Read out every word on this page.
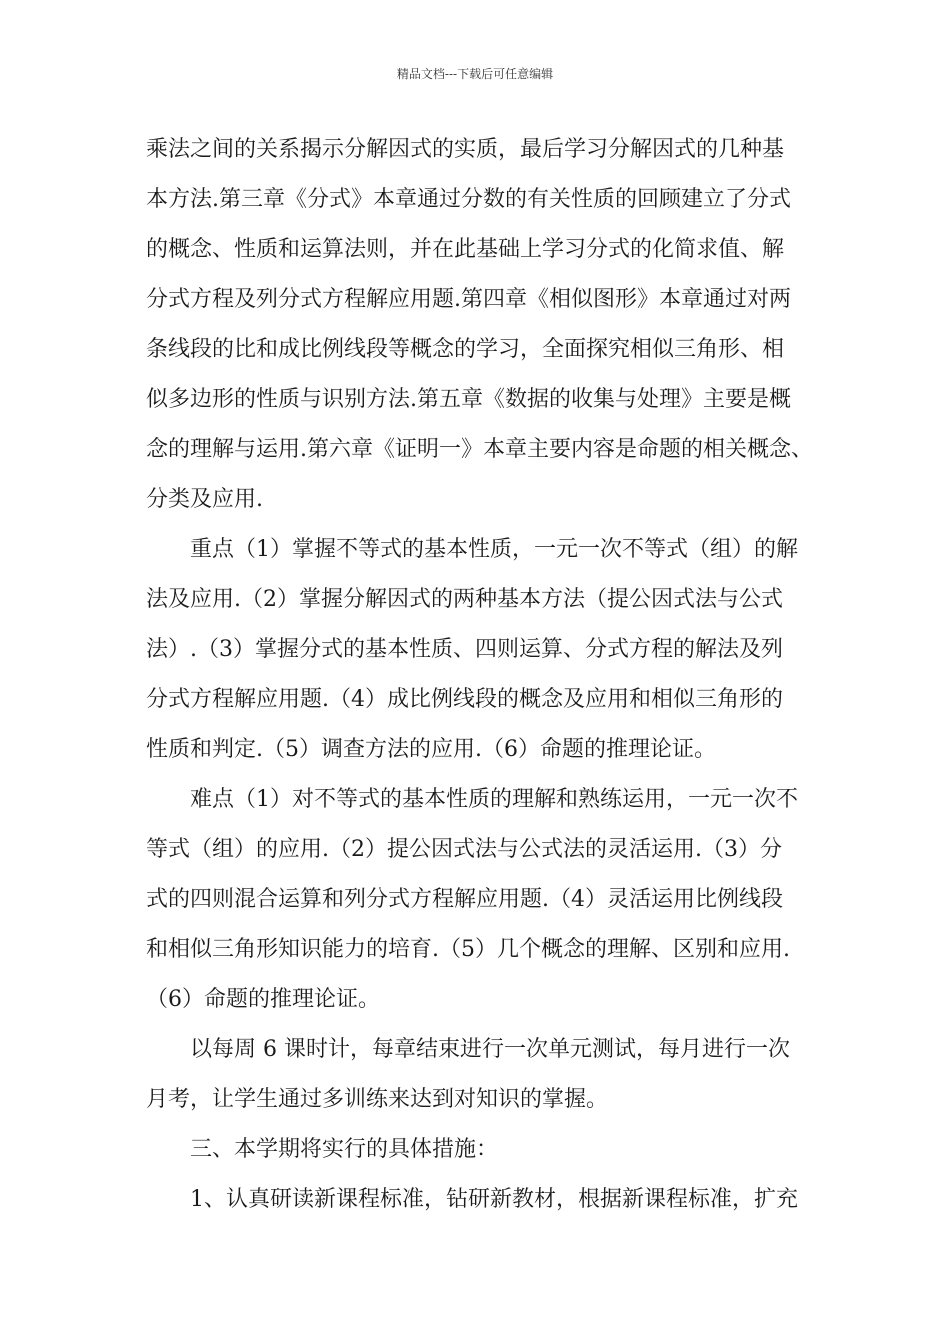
精品文档---下载后可任意编辑
乘法之间的关系揭示分解因式的实质，最后学习分解因式的几种基
本方法.第三章《分式》本章通过分数的有关性质的回顾建立了分式
的概念、性质和运算法则，并在此基础上学习分式的化简求值、解
分式方程及列分式方程解应用题.第四章《相似图形》本章通过对两
条线段的比和成比例线段等概念的学习，全面探究相似三角形、相
似多边形的性质与识别方法.第五章《数据的收集与处理》主要是概
念的理解与运用.第六章《证明一》本章主要内容是命题的相关概念、
分类及应用.
重点（1）掌握不等式的基本性质，一元一次不等式（组）的解
法及应用.（2）掌握分解因式的两种基本方法（提公因式法与公式
法）.（3）掌握分式的基本性质、四则运算、分式方程的解法及列
分式方程解应用题.（4）成比例线段的概念及应用和相似三角形的
性质和判定.（5）调查方法的应用.（6）命题的推理论证。
难点（1）对不等式的基本性质的理解和熟练运用，一元一次不
等式（组）的应用.（2）提公因式法与公式法的灵活运用.（3）分
式的四则混合运算和列分式方程解应用题.（4）灵活运用比例线段
和相似三角形知识能力的培育.（5）几个概念的理解、区别和应用.
（6）命题的推理论证。
以每周 6 课时计，每章结束进行一次单元测试，每月进行一次
月考，让学生通过多训练来达到对知识的掌握。
三、本学期将实行的具体措施：
1、认真研读新课程标准，钻研新教材，根据新课程标准，扩充
